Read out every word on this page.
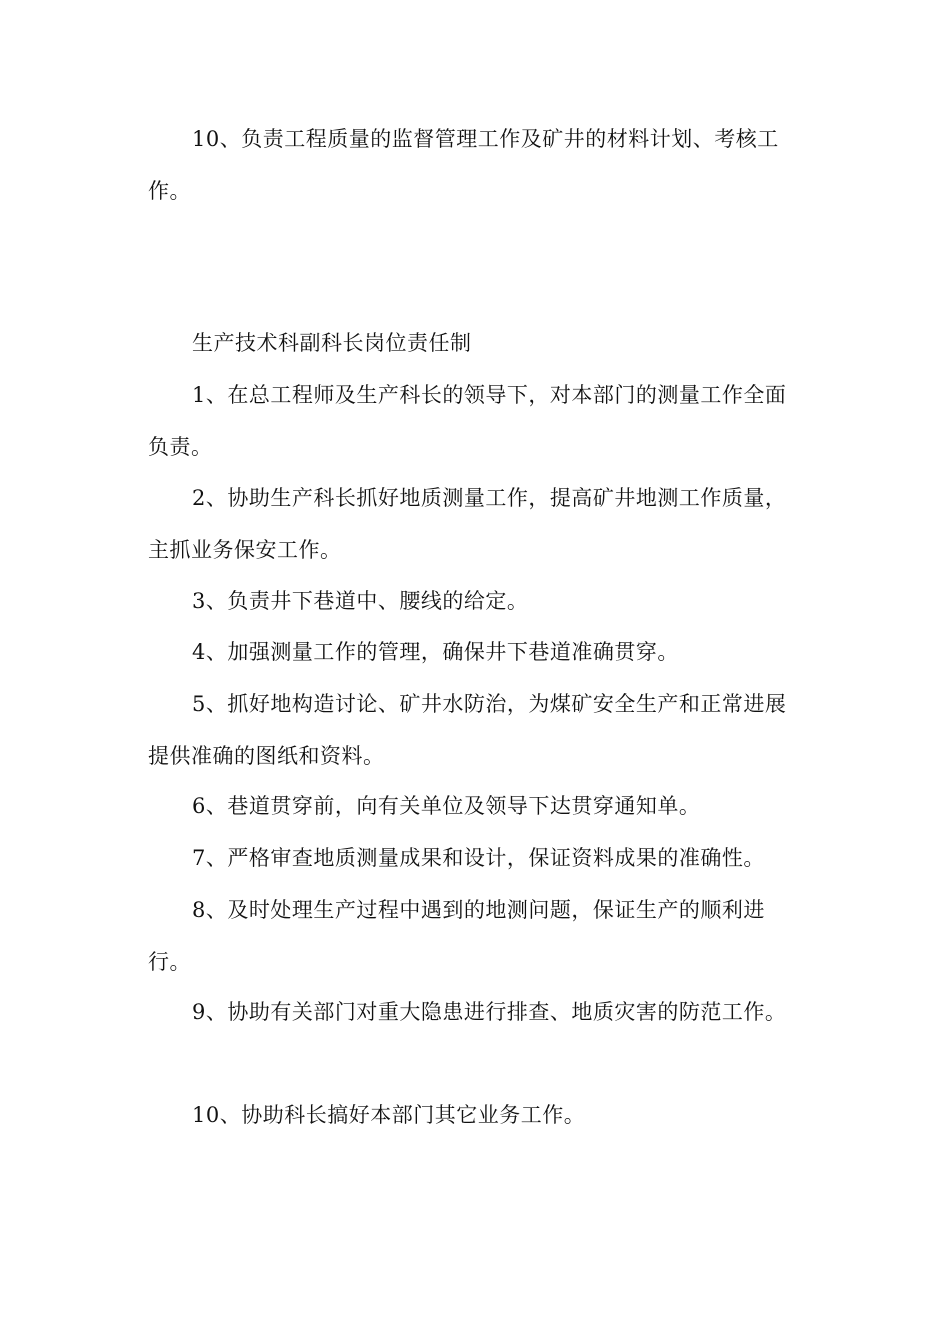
10、负责工程质量的监督管理工作及矿井的材料计划、考核工作。

生产技术科副科长岗位责任制

1、在总工程师及生产科长的领导下，对本部门的测量工作全面负责。

2、协助生产科长抓好地质测量工作，提高矿井地测工作质量，主抓业务保安工作。

3、负责井下巷道中、腰线的给定。

4、加强测量工作的管理，确保井下巷道准确贯穿。

5、抓好地构造讨论、矿井水防治，为煤矿安全生产和正常进展提供准确的图纸和资料。

6、巷道贯穿前，向有关单位及领导下达贯穿通知单。

7、严格审查地质测量成果和设计，保证资料成果的准确性。

8、及时处理生产过程中遇到的地测问题，保证生产的顺利进行。

9、协助有关部门对重大隐患进行排查、地质灾害的防范工作。

10、协助科长搞好本部门其它业务工作。
